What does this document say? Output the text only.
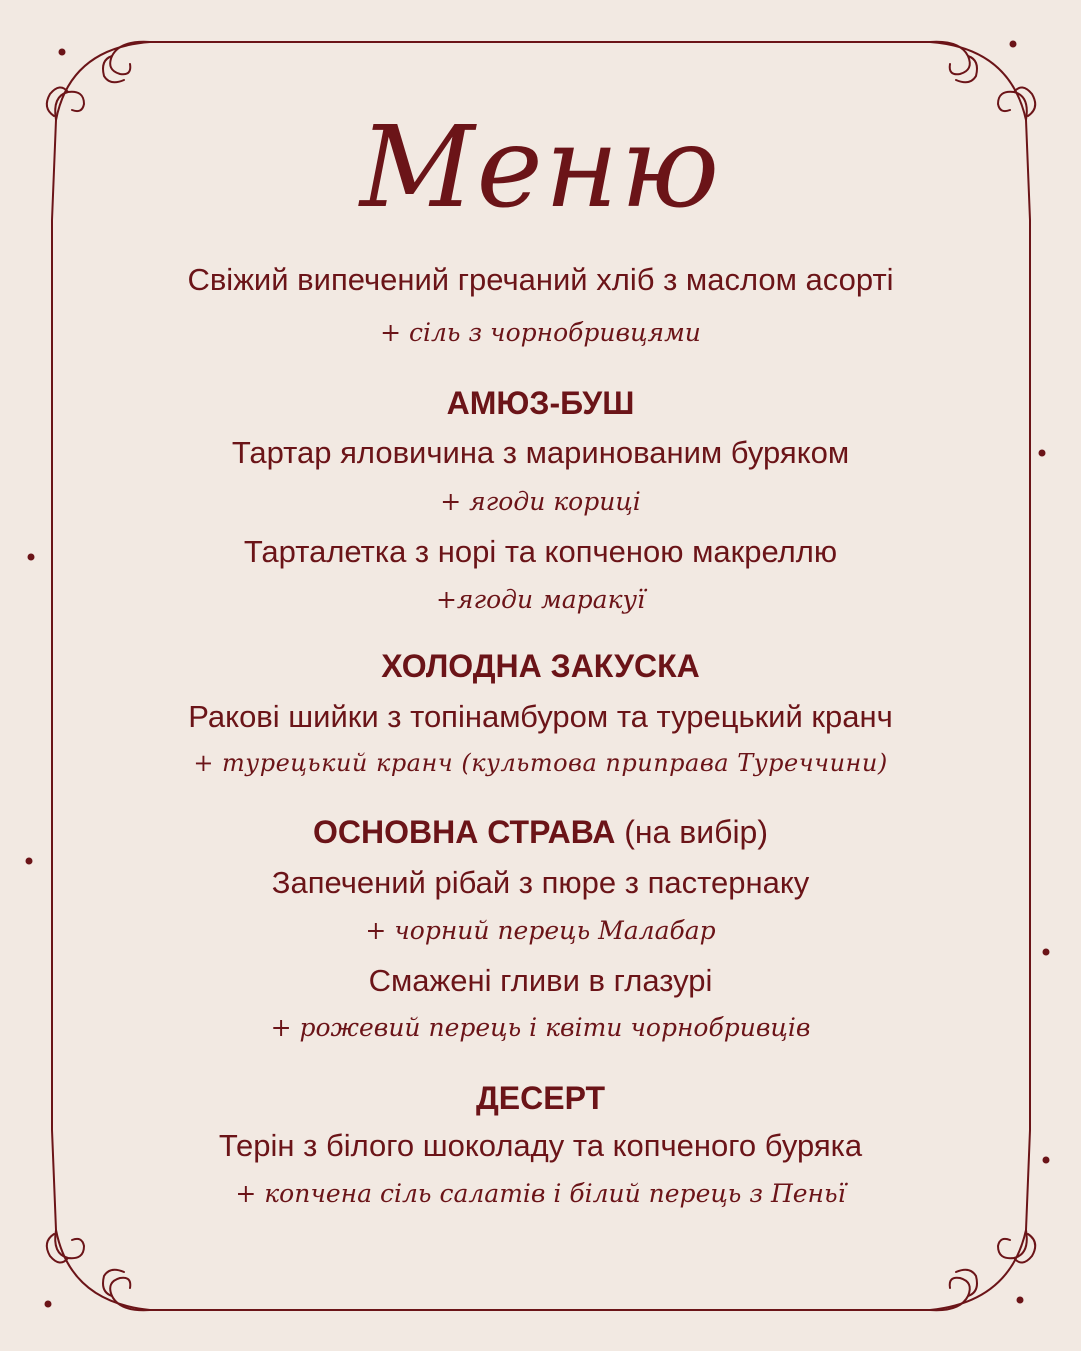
Меню
Свіжий випечений гречаний хліб з маслом асорті
+ сіль з чорнобривцями
АМЮЗ-БУШ
Тартар яловичина з маринованим буряком
+ ягоди кориці
Тарталетка з норі та копченою макреллю
+ягоди маракуї
ХОЛОДНА ЗАКУСКА
Ракові шийки з топінамбуром та турецький кранч
+ турецький кранч (культова приправа Туреччини)
ОСНОВНА СТРАВА (на вибір)
Запечений рібай з пюре з пастернаку
+ чорний перець Малабар
Смажені гливи в глазурі
+ рожевий перець і квіти чорнобривців
ДЕСЕРТ
Терін з білого шоколаду та копченого буряка
+ копчена сіль салатів і білий перець з Пеньї
